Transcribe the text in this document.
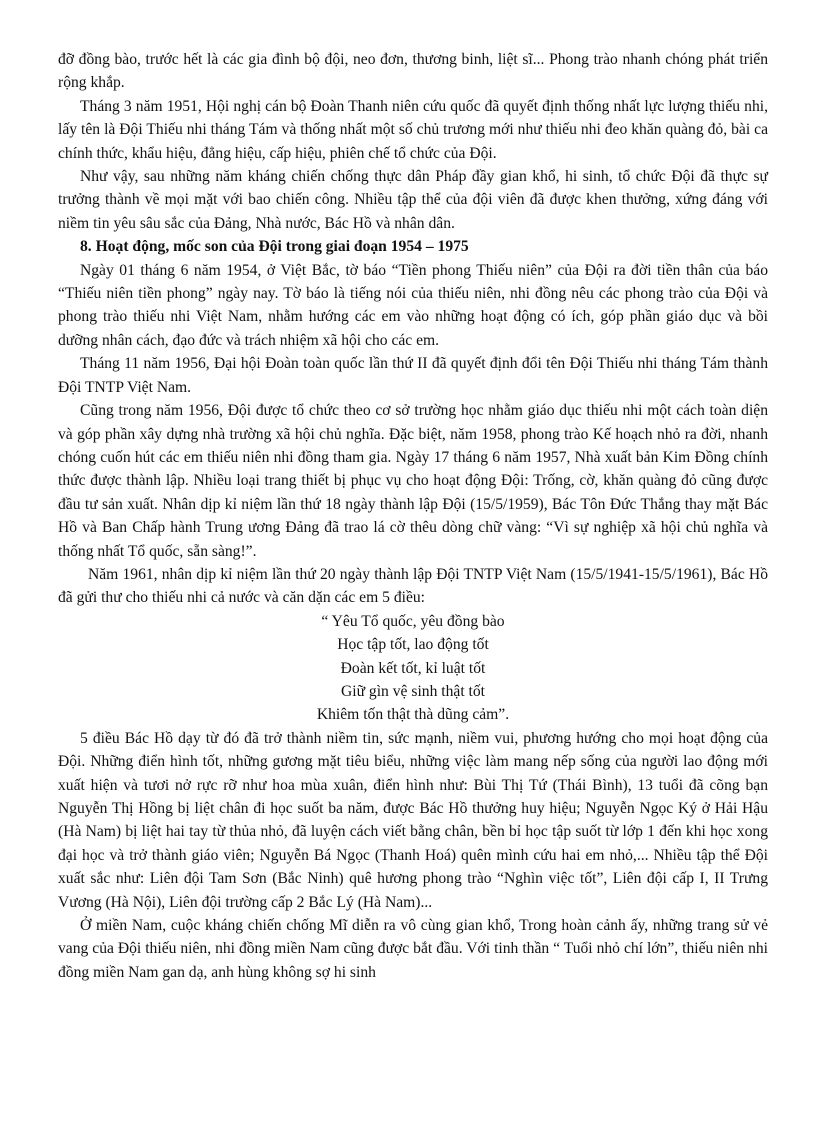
đỡ đồng bào, trước hết là các gia đình bộ đội, neo đơn, thương binh, liệt sĩ... Phong trào nhanh chóng phát triển rộng khắp.

Tháng 3 năm 1951, Hội nghị cán bộ Đoàn Thanh niên cứu quốc đã quyết định thống nhất lực lượng thiếu nhi, lấy tên là Đội Thiếu nhi tháng Tám và thống nhất một số chủ trương mới như thiếu nhi đeo khăn quàng đỏ, bài ca chính thức, khẩu hiệu, đẳng hiệu, cấp hiệu, phiên chế tổ chức của Đội.

Như vậy, sau những năm kháng chiến chống thực dân Pháp đầy gian khổ, hi sinh, tổ chức Đội đã thực sự trưởng thành về mọi mặt với bao chiến công. Nhiều tập thể của đội viên đã được khen thưởng, xứng đáng với niềm tin yêu sâu sắc của Đảng, Nhà nước, Bác Hồ và nhân dân.

8. Hoạt động, mốc son của Đội trong giai đoạn 1954 – 1975

Ngày 01 tháng 6 năm 1954, ở Việt Bắc, tờ báo “Tiền phong Thiếu niên” của Đội ra đời tiền thân của báo “Thiếu niên tiền phong” ngày nay. Tờ báo là tiếng nói của thiếu niên, nhi đồng nêu các phong trào của Đội và phong trào thiếu nhi Việt Nam, nhằm hướng các em vào những hoạt động có ích, góp phần giáo dục và bồi dưỡng nhân cách, đạo đức và trách nhiệm xã hội cho các em.

Tháng 11 năm 1956, Đại hội Đoàn toàn quốc lần thứ II đã quyết định đổi tên Đội Thiếu nhi tháng Tám thành Đội TNTP Việt Nam.

Cũng trong năm 1956, Đội được tổ chức theo cơ sở trường học nhằm giáo dục thiếu nhi một cách toàn diện và góp phần xây dựng nhà trường xã hội chủ nghĩa. Đặc biệt, năm 1958, phong trào Kế hoạch nhỏ ra đời, nhanh chóng cuốn hút các em thiếu niên nhi đồng tham gia. Ngày 17 tháng 6 năm 1957, Nhà xuất bản Kim Đồng chính thức được thành lập. Nhiều loại trang thiết bị phục vụ cho hoạt động Đội: Trống, cờ, khăn quàng đỏ cũng được đầu tư sản xuất. Nhân dịp kỉ niệm lần thứ 18 ngày thành lập Đội (15/5/1959), Bác Tôn Đức Thắng thay mặt Bác Hồ và Ban Chấp hành Trung ương Đảng đã trao lá cờ thêu dòng chữ vàng: “Vì sự nghiệp xã hội chủ nghĩa và thống nhất Tổ quốc, sẵn sàng!”.

Năm 1961, nhân dịp kỉ niệm lần thứ 20 ngày thành lập Đội TNTP Việt Nam (15/5/1941-15/5/1961), Bác Hồ đã gửi thư cho thiếu nhi cả nước và căn dặn các em 5 điều:

“ Yêu Tổ quốc, yêu đồng bào
Học tập tốt, lao động tốt
Đoàn kết tốt, kỉ luật tốt
Giữ gìn vệ sinh thật tốt
Khiêm tốn thật thà dũng cảm”.

5 điều Bác Hồ dạy từ đó đã trở thành niềm tin, sức mạnh, niềm vui, phương hướng cho mọi hoạt động của Đội. Những điển hình tốt, những gương mặt tiêu biểu, những việc làm mang nếp sống của người lao động mới xuất hiện và tươi nở rực rỡ như hoa mùa xuân, điển hình như: Bùi Thị Tứ (Thái Bình), 13 tuổi đã cõng bạn Nguyễn Thị Hồng bị liệt chân đi học suốt ba năm, được Bác Hồ thưởng huy hiệu; Nguyễn Ngọc Ký ở Hải Hậu (Hà Nam) bị liệt hai tay từ thủa nhỏ, đã luyện cách viết bằng chân, bền bỉ học tập suốt từ lớp 1 đến khi học xong đại học và trở thành giáo viên; Nguyễn Bá Ngọc (Thanh Hoá) quên mình cứu hai em nhỏ,... Nhiều tập thể Đội xuất sắc như: Liên đội Tam Sơn (Bắc Ninh) quê hương phong trào “Nghìn việc tốt”, Liên đội cấp I, II Trưng Vương (Hà Nội), Liên đội trường cấp 2 Bắc Lý (Hà Nam)...

Ở miền Nam, cuộc kháng chiến chống Mĩ diễn ra vô cùng gian khổ, Trong hoàn cảnh ấy, những trang sử vẻ vang của Đội thiếu niên, nhi đồng miền Nam cũng được bắt đầu. Với tinh thần “ Tuổi nhỏ chí lớn”, thiếu niên nhi đồng miền Nam gan dạ, anh hùng không sợ hi sinh
